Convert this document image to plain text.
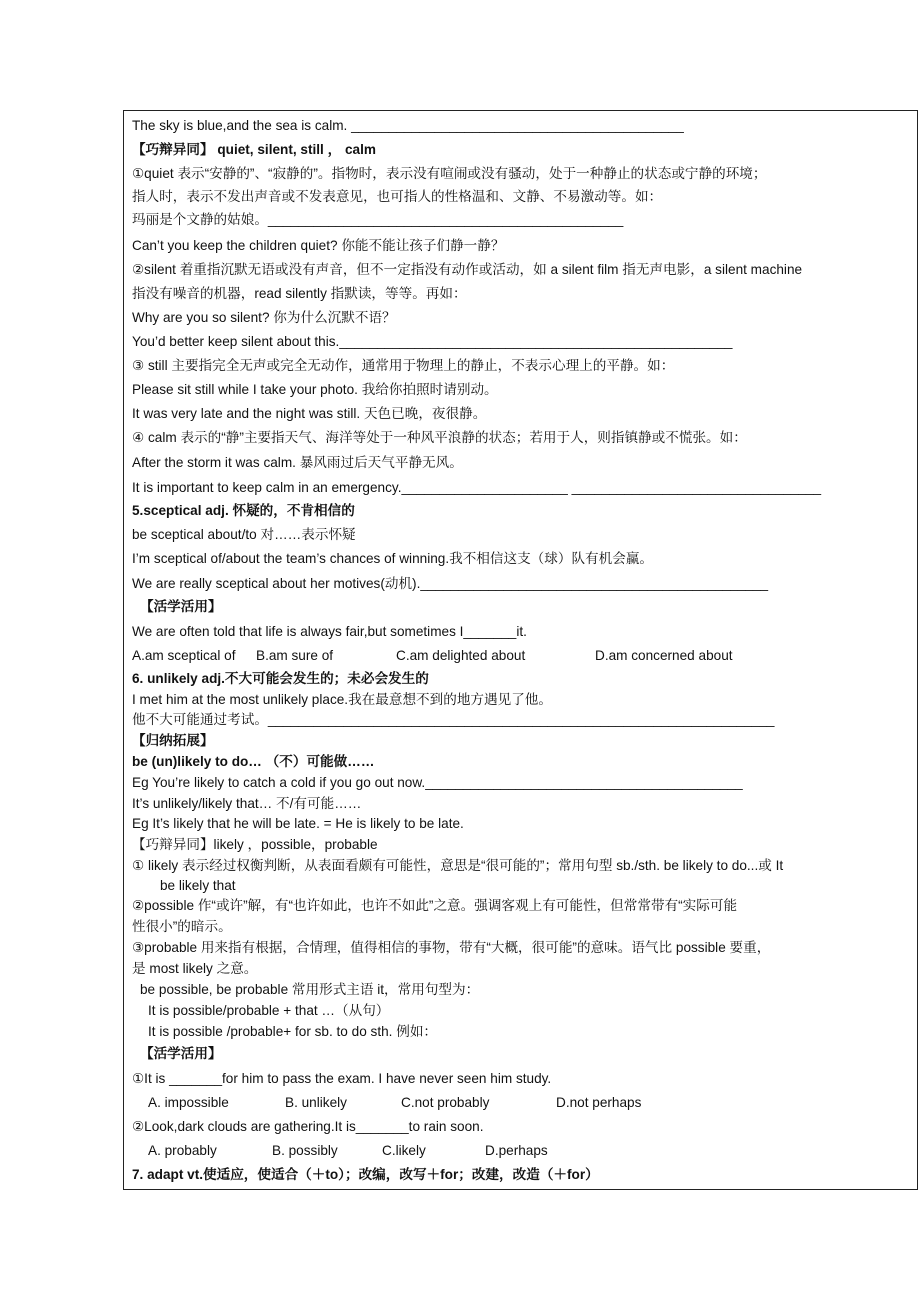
The sky is blue,and the sea is calm. ____________________________________________
【巧辩异同】 quiet, silent, still ， calm
①quiet 表示“安静的”、“寂静的”。指物时，表示没有喧闹或没有骚动，处于一种静止的状态或宁静的环境；
指人时，表示不发出声音或不发表意见，也可指人的性格温和、文静、不易激动等。如：
玛丽是个文静的姑娘。_______________________________________________
Can’t you keep the children quiet? 你能不能让孩子们静一静？
②silent 着重指沉默无语或没有声音，但不一定指没有动作或活动，如 a silent film 指无声电影，a silent machine
指没有噪音的机器，read silently 指默读，等等。再如：
Why are you so silent? 你为什么沉默不语？
You’d better keep silent about this.____________________________________________________
③ still 主要指完全无声或完全无动作，通常用于物理上的静止，不表示心理上的平静。如：
Please sit still while I take your photo. 我给你拍照时请别动。
It was very late and the night was still. 天色已晚，夜很静。
④ calm 表示的“静”主要指天气、海洋等处于一种风平浪静的状态；若用于人，则指镇静或不慌张。如：
After the storm it was calm. 暴风雨过后天气平静无风。
It is important to keep calm in an emergency.______________________ _________________________________
5.sceptical adj. 怀疑的，不肯相信的
be sceptical about/to 对……表示怀疑
I’m sceptical of/about the team’s chances of winning.我不相信这支（球）队有机会赢。
We are really sceptical about her motives(动机).______________________________________________
【活学活用】
We are often told that life is always fair,but sometimes I_______it.
A.am sceptical of B.am sure of	C.am delighted about	D.am concerned about
6. unlikely adj.不大可能会发生的；未必会发生的
I met him at the most unlikely place.我在最意想不到的地方遇见了他。
他不大可能通过考试。___________________________________________________________________
【归纳拓展】
be (un)likely to do… （不）可能做……
Eg You’re likely to catch a cold if you go out now.__________________________________________
It’s unlikely/likely that… 不/有可能……
Eg It’s likely that he will be late. = He is likely to be late.
【巧辩异同】likely ，possible，probable
① likely 表示经过权衡判断，从表面看颇有可能性，意思是“很可能的”；常用句型 sb./sth. be likely to do...或 It
be likely that
②possible 作“或许”解，有“也许如此，也许不如此”之意。强调客观上有可能性，但常常带有“实际可能
性很小”的暗示。
③probable 用来指有根据，合情理，值得相信的事物，带有“大概，很可能”的意味。语气比 possible 要重，
是 most likely 之意。
be possible, be probable 常用形式主语 it，常用句型为：
It is possible/probable + that …（从句）
It is possible /probable+ for sb. to do sth. 例如：
【活学活用】
①It is _______for him to pass the exam. I have never seen him study.
A. impossible	B. unlikely	C.not probably	D.not perhaps
②Look,dark clouds are gathering.It is_______to rain soon.
A. probably	B. possibly	C.likely	D.perhaps
7. adapt vt.使适应，使适合（＋to）；改编，改写＋for；改建，改造（＋for）
